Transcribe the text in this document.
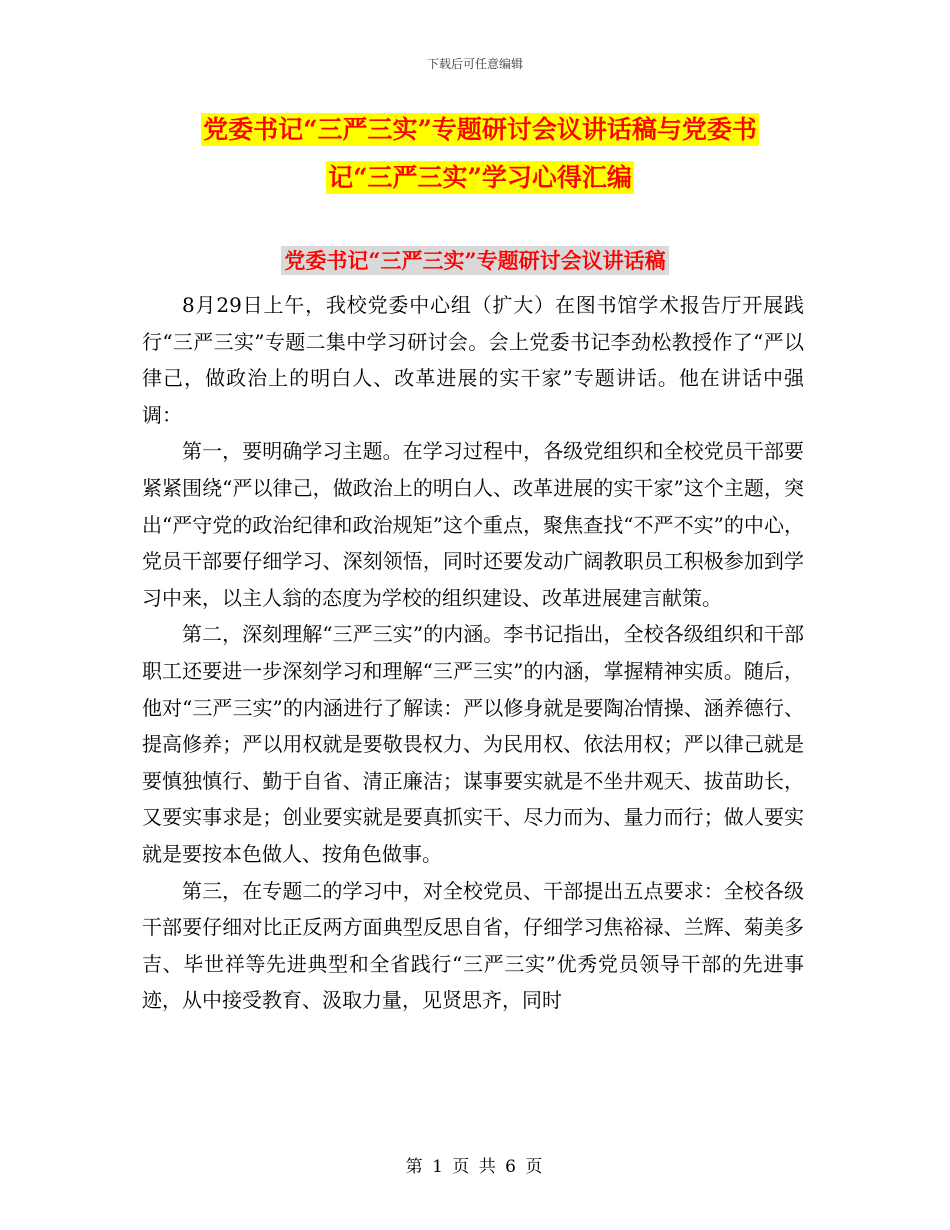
下载后可任意编辑
党委书记“三严三实”专题研讨会议讲话稿与党委书
记“三严三实”学习心得汇编
党委书记“三严三实”专题研讨会议讲话稿

8月29日上午，我校党委中心组（扩大）在图书馆学术报告厅开展践行“三严三实”专题二集中学习研讨会。会上党委书记李劲松教授作了“严以律己，做政治上的明白人、改革进展的实干家”专题讲话。他在讲话中强调：

第一，要明确学习主题。在学习过程中，各级党组织和全校党员干部要紧紧围绕“严以律己，做政治上的明白人、改革进展的实干家”这个主题，突出“严守党的政治纪律和政治规矩”这个重点，聚焦查找“不严不实”的中心，党员干部要仔细学习、深刻领悟，同时还要发动广阔教职员工积极参加到学习中来，以主人翁的态度为学校的组织建设、改革进展建言献策。

第二，深刻理解“三严三实”的内涵。李书记指出，全校各级组织和干部职工还要进一步深刻学习和理解“三严三实”的内涵，掌握精神实质。随后，他对“三严三实”的内涵进行了解读：严以修身就是要陶冶情操、涵养德行、提高修养；严以用权就是要敬畏权力、为民用权、依法用权；严以律己就是要慎独慎行、勤于自省、清正廉洁；谋事要实就是不坐井观天、拔苗助长，又要实事求是；创业要实就是要真抓实干、尽力而为、量力而行；做人要实就是要按本色做人、按角色做事。

第三，在专题二的学习中，对全校党员、干部提出五点要求：全校各级干部要仔细对比正反两方面典型反思自省，仔细学习焦裕禄、兰辉、菊美多吉、毕世祥等先进典型和全省践行“三严三实”优秀党员领导干部的先进事迹，从中接受教育、汲取力量，见贤思齐，同时

第 1 页 共 6 页
